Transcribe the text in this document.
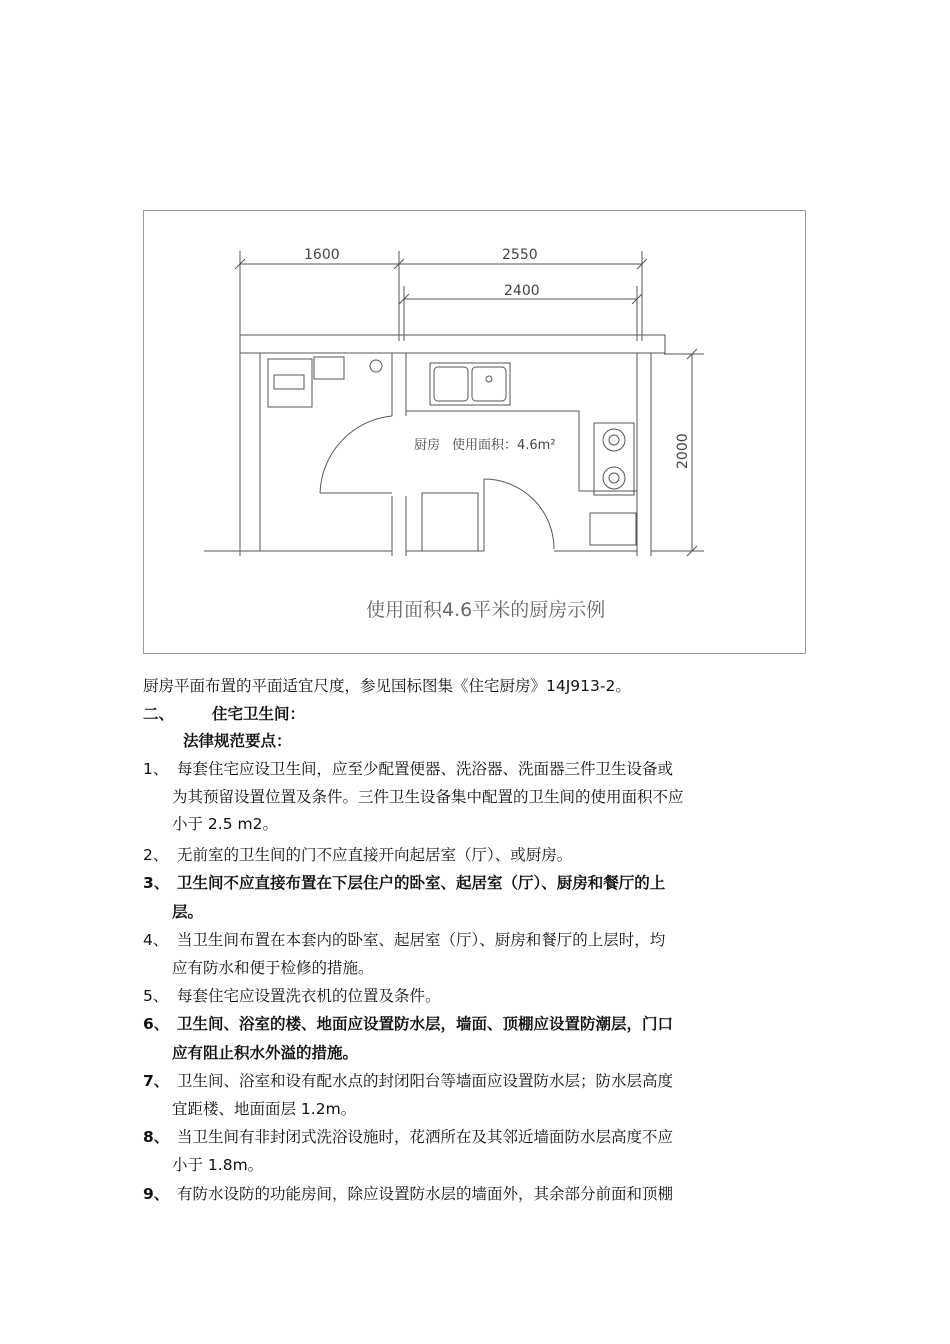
1600	2550
2400
2000
厨房 使用面积：4.6m²
使用面积4.6平米的厨房示例
厨房平面布置的平面适宜尺度，参见国标图集《住宅厨房》14J913-2。
二、 住宅卫生间：
法律规范要点：
1、 每套住宅应设卫生间，应至少配置便器、洗浴器、洗面器三件卫生设备或
为其预留设置位置及条件。三件卫生设备集中配置的卫生间的使用面积不应
小于 2.5 m2。
2、 无前室的卫生间的门不应直接开向起居室（厅）、或厨房。
3、 卫生间不应直接布置在下层住户的卧室、起居室（厅）、厨房和餐厅的上
层。
4、 当卫生间布置在本套内的卧室、起居室（厅）、厨房和餐厅的上层时，均
应有防水和便于检修的措施。
5、 每套住宅应设置洗衣机的位置及条件。
6、 卫生间、浴室的楼、地面应设置防水层，墙面、顶棚应设置防潮层，门口
应有阻止积水外溢的措施。
7、 卫生间、浴室和设有配水点的封闭阳台等墙面应设置防水层；防水层高度
宜距楼、地面面层 1.2m。
8、 当卫生间有非封闭式洗浴设施时，花洒所在及其邻近墙面防水层高度不应
小于 1.8m。
9、 有防水设防的功能房间，除应设置防水层的墙面外，其余部分前面和顶棚
